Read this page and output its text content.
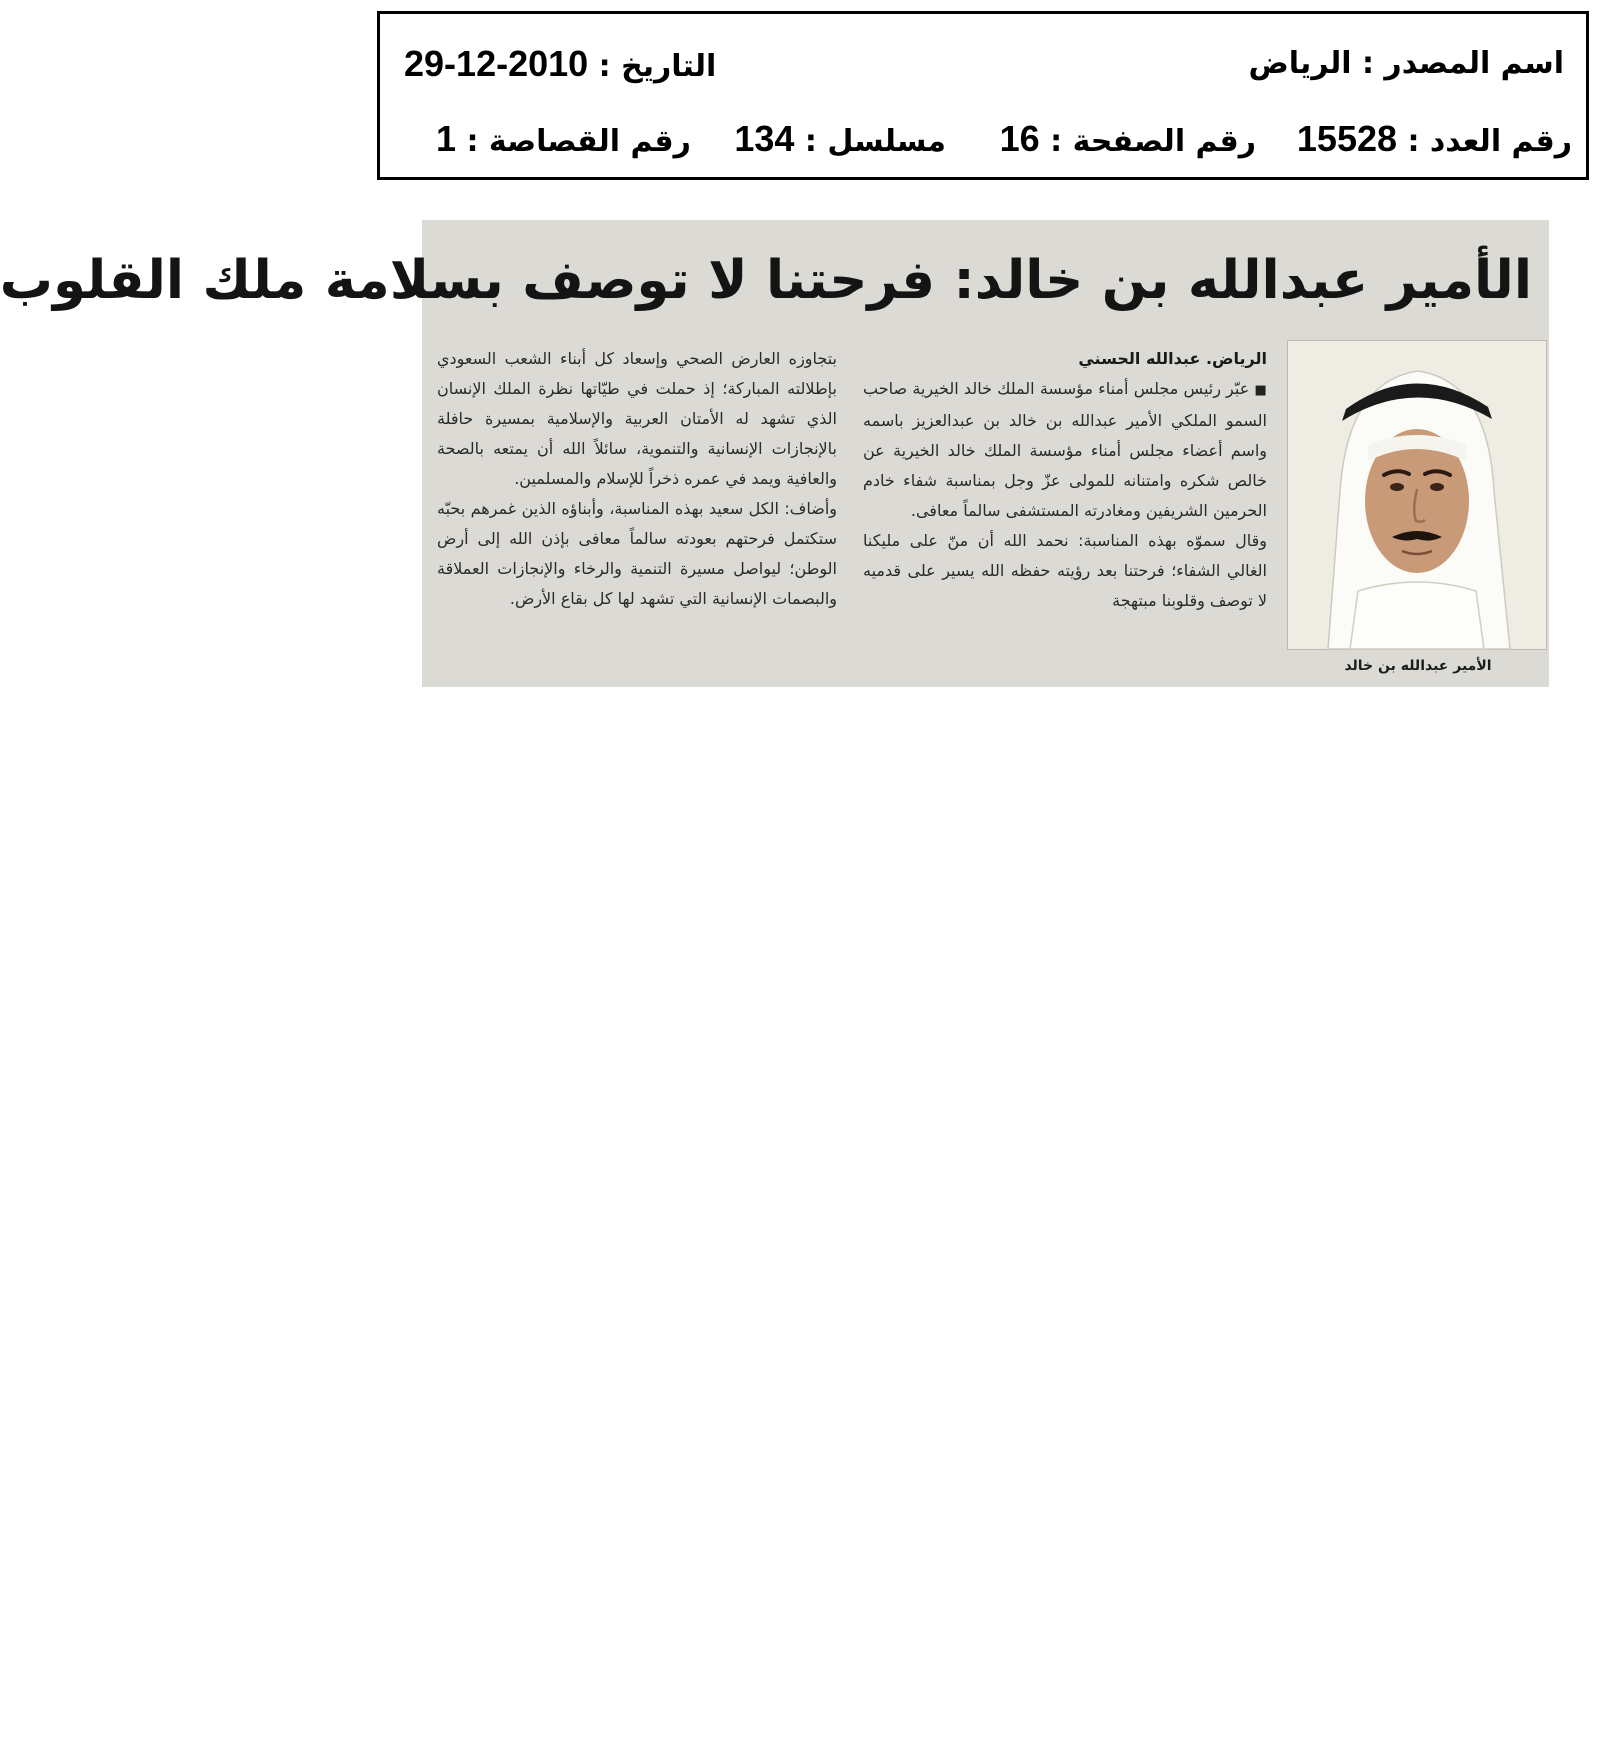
اسم المصدر : الرياض
التاريخ : 2010-12-29
رقم العدد : 15528
رقم الصفحة : 16
مسلسل : 134
رقم القصاصة : 1
الأمير عبدالله بن خالد: فرحتنا لا توصف بسلامة ملك القلوب
الأمير عبدالله بن خالد

الرياض. عبدالله الحسني

■ عبّر رئيس مجلس أمناء مؤسسة الملك خالد الخيرية صاحب السمو الملكي الأمير عبدالله بن خالد بن عبدالعزيز باسمه واسم أعضاء مجلس أمناء مؤسسة الملك خالد الخيرية عن خالص شكره وامتنانه للمولى عزّ وجل بمناسبة شفاء خادم الحرمين الشريفين ومغادرته المستشفى سالماً معافى.

وقال سموّه بهذه المناسبة: نحمد الله أن منّ على مليكنا الغالي الشفاء؛ فرحتنا بعد رؤيته حفظه الله يسير على قدميه لا توصف وقلوبنا مبتهجة

بتجاوزه العارض الصحي وإسعاد كل أبناء الشعب السعودي بإطلالته المباركة؛ إذ حملت في طيّاتها نظرة الملك الإنسان الذي تشهد له الأمتان العربية والإسلامية بمسيرة حافلة بالإنجازات الإنسانية والتنموية، سائلاً الله أن يمتعه بالصحة والعافية ويمد في عمره ذخراً للإسلام والمسلمين.

وأضاف: الكل سعيد بهذه المناسبة، وأبناؤه الذين غمرهم بحبّه ستكتمل فرحتهم بعودته سالماً معافى بإذن الله إلى أرض الوطن؛ ليواصل مسيرة التنمية والرخاء والإنجازات العملاقة والبصمات الإنسانية التي تشهد لها كل بقاع الأرض.
